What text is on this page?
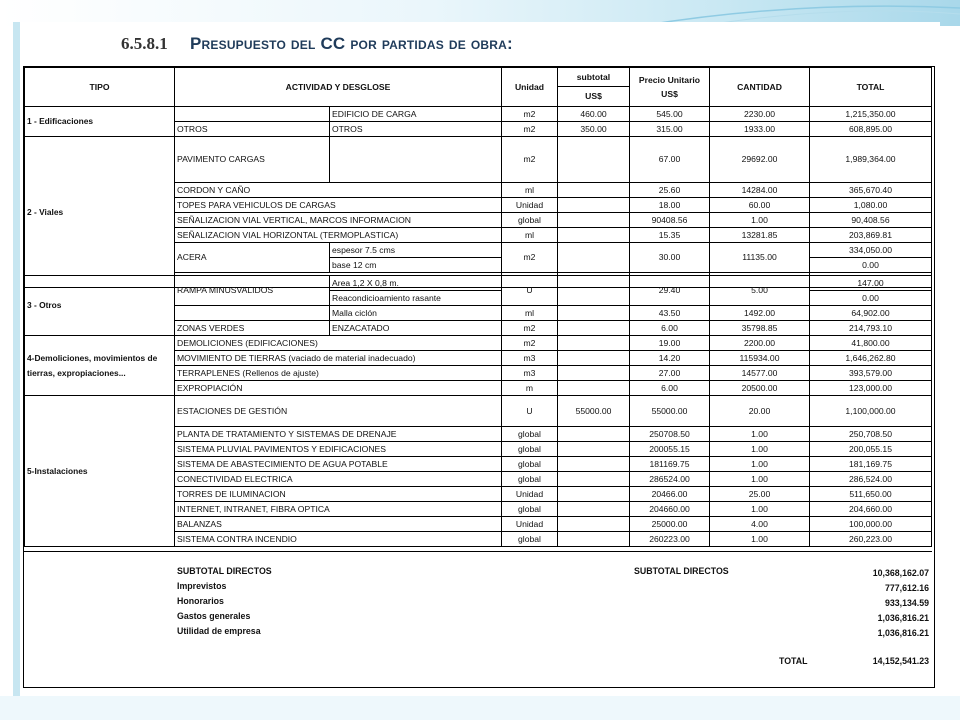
6.5.8.1 Presupuesto del CC por partidas de obra:
TIPO	ACTIVIDAD Y DESGLOSE		Unidad	subtotal	Precio Unitario US$	CANTIDAD	TOTAL
				US$			
1 - Edificaciones		EDIFICIO DE CARGA	m2	460.00	545.00	2230.00	1,215,350.00
	OTROS	OTROS	m2	350.00	315.00	1933.00	608,895.00
2 - Viales	PAVIMENTO CARGAS		m2		67.00	29692.00	1,989,364.00
	CORDON Y CAÑO		ml		25.60	14284.00	365,670.40
	TOPES PARA VEHICULOS DE CARGAS		Unidad		18.00	60.00	1,080.00
	SEÑALIZACION VIAL VERTICAL, MARCOS INFORMACION		global		90408.56	1.00	90,408.56
	SEÑALIZACION VIAL HORIZONTAL (TERMOPLASTICA)		ml		15.35	13281.85	203,869.81
	ACERA	espesor 7.5 cms	m2		30.00	11135.00	334,050.00
		base 12 cm					0.00

3 - Otros	RAMPA MINUSVALIDOS	Area 1,2 X 0,8 m.	U		29.40	5.00	147.00
		Reacondicioamiento rasante					0.00
		Malla ciclón	ml		43.50	1492.00	64,902.00
	ZONAS VERDES	ENZACATADO	m2		6.00	35798.85	214,793.10
4-Demoliciones, movimientos de tierras, expropiaciones...	DEMOLICIONES (EDIFICACIONES)		m2		19.00	2200.00	41,800.00
	MOVIMIENTO DE TIERRAS (vaciado de material inadecuado)		m3		14.20	115934.00	1,646,262.80
	TERRAPLENES (Rellenos de ajuste)		m3		27.00	14577.00	393,579.00
	EXPROPIACIÓN		m		6.00	20500.00	123,000.00
5-Instalaciones	ESTACIONES DE GESTIÓN		U	55000.00	55000.00	20.00	1,100,000.00
	PLANTA DE TRATAMIENTO Y SISTEMAS DE DRENAJE		global		250708.50	1.00	250,708.50
	SISTEMA PLUVIAL PAVIMENTOS Y EDIFICACIONES		global		200055.15	1.00	200,055.15
	SISTEMA DE ABASTECIMIENTO DE AGUA POTABLE		global		181169.75	1.00	181,169.75
	CONECTIVIDAD ELECTRICA		global		286524.00	1.00	286,524.00
	TORRES DE ILUMINACION		Unidad		20466.00	25.00	511,650.00
	INTERNET, INTRANET, FIBRA OPTICA		global		204660.00	1.00	204,660.00
	BALANZAS		Unidad		25000.00	4.00	100,000.00
	SISTEMA CONTRA INCENDIO		global		260223.00	1.00	260,223.00
SUBTOTAL DIRECTOS	SUBTOTAL DIRECTOS	10,368,162.07
Imprevistos	777,612.16
Honorarios	933,134.59
Gastos generales	1,036,816.21
Utilidad de empresa	1,036,816.21
TOTAL	14,152,541.23
